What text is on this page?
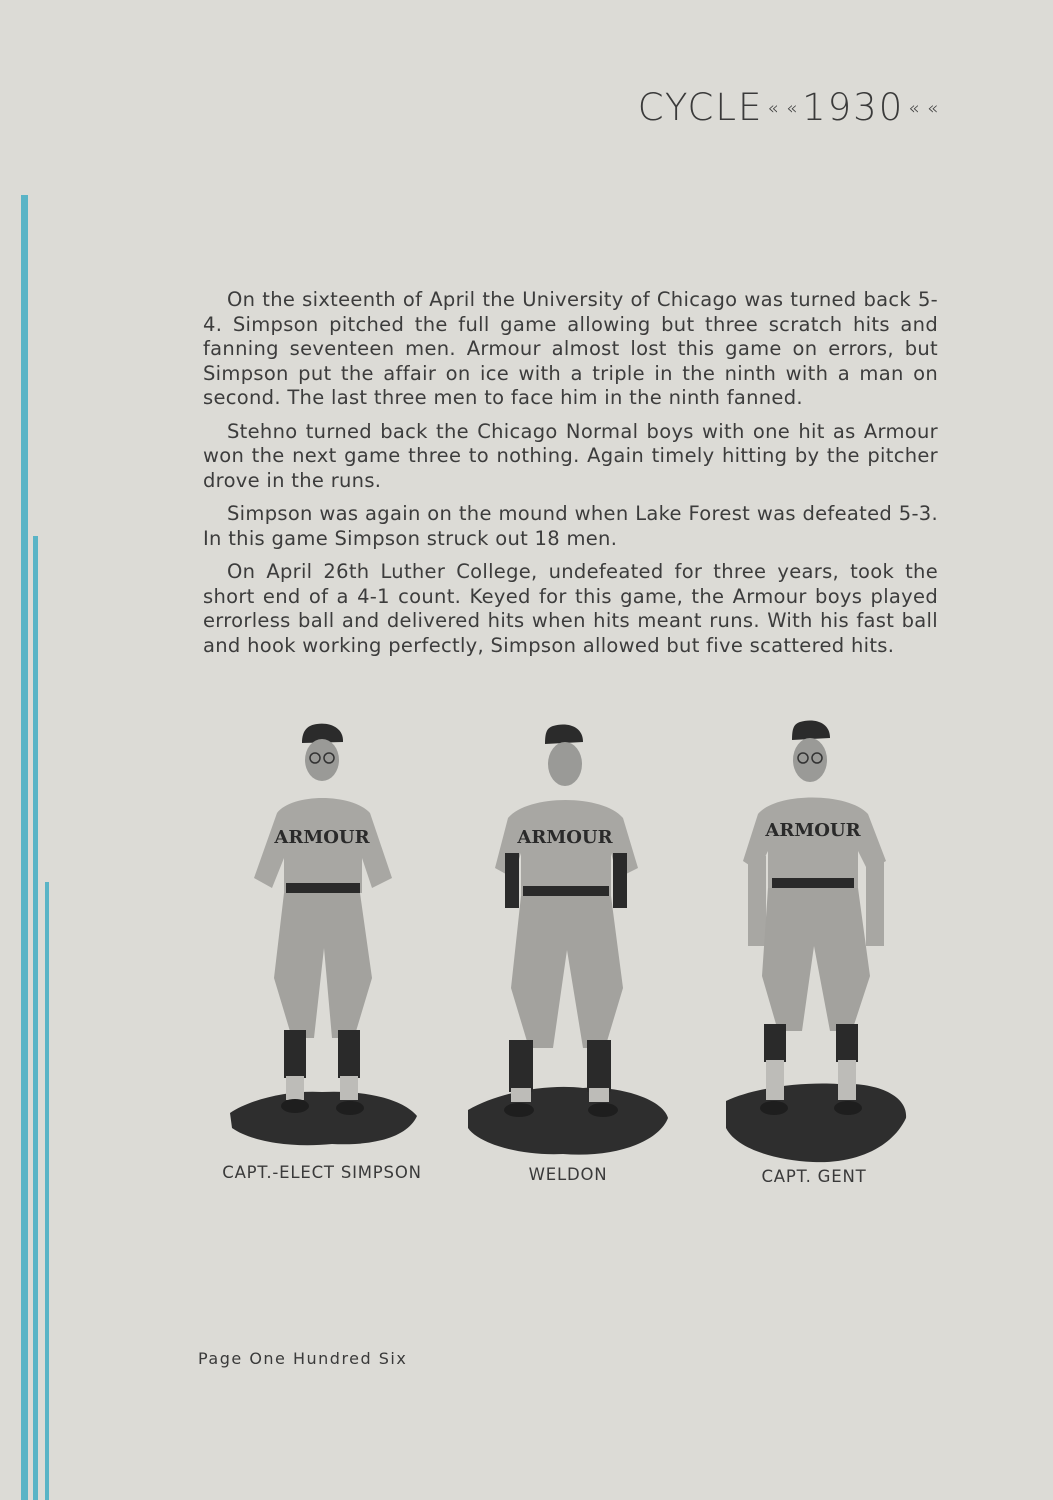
CYCLE « « 1930 « «

On the sixteenth of April the University of Chicago was turned back 5-4. Simpson pitched the full game allowing but three scratch hits and fanning seventeen men. Armour almost lost this game on errors, but Simpson put the affair on ice with a triple in the ninth with a man on second. The last three men to face him in the ninth fanned.

Stehno turned back the Chicago Normal boys with one hit as Armour won the next game three to nothing. Again timely hitting by the pitcher drove in the runs.

Simpson was again on the mound when Lake Forest was defeated 5-3. In this game Simpson struck out 18 men.

On April 26th Luther College, undefeated for three years, took the short end of a 4-1 count. Keyed for this game, the Armour boys played errorless ball and delivered hits when hits meant runs. With his fast ball and hook working perfectly, Simpson allowed but five scattered hits.

ARMOUR	ARMOUR	ARMOUR
CAPT.-ELECT SIMPSON	WELDON	CAPT. GENT
Page One Hundred Six
